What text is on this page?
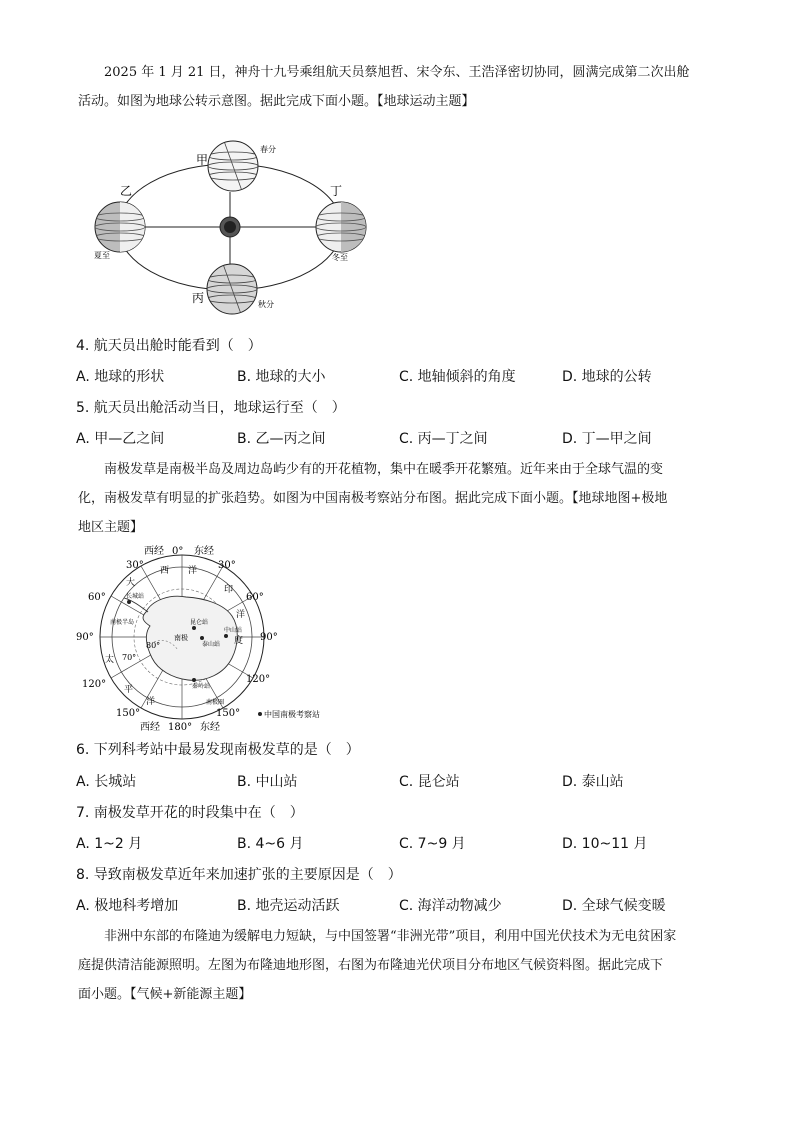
2025 年 1 月 21 日，神舟十九号乘组航天员蔡旭哲、宋令东、王浩泽密切协同，圆满完成第二次出舱
活动。如图为地球公转示意图。据此完成下面小题。【地球运动主题】
甲
乙	丁
丙
春分
夏至	冬至
秋分
4. 航天员出舱时能看到（　）
A. 地球的形状	B. 地球的大小	C. 地轴倾斜的角度	D. 地球的公转
5. 航天员出舱活动当日，地球运行至（　）
A. 甲—乙之间	B. 乙—丙之间	C. 丙—丁之间	D. 丁—甲之间
南极发草是南极半岛及周边岛屿少有的开花植物，集中在暖季开花繁殖。近年来由于全球气温的变
化，南极发草有明显的扩张趋势。如图为中国南极考察站分布图。据此完成下面小题。【地球地图+极地
地区主题】
西经 0° 东经
30°	30°
60°	60°
90°	90°
120°	120°
150°	150°
西经 180° 东经
大
西 洋
印
洋
度
太
平
洋
70°
80°
南极
长城站
昆仑站
泰山站
中山站
秦岭站
南极圈
南极半岛
中国南极考察站
6. 下列科考站中最易发现南极发草的是（　）
A. 长城站	B. 中山站	C. 昆仑站	D. 泰山站
7. 南极发草开花的时段集中在（　）
A. 1~2 月	B. 4~6 月	C. 7~9 月	D. 10~11 月
8. 导致南极发草近年来加速扩张的主要原因是（　）
A. 极地科考增加	B. 地壳运动活跃	C. 海洋动物减少	D. 全球气候变暖
非洲中东部的布隆迪为缓解电力短缺，与中国签署“非洲光带”项目，利用中国光伏技术为无电贫困家
庭提供清洁能源照明。左图为布隆迪地形图，右图为布隆迪光伏项目分布地区气候资料图。据此完成下
面小题。【气候+新能源主题】
